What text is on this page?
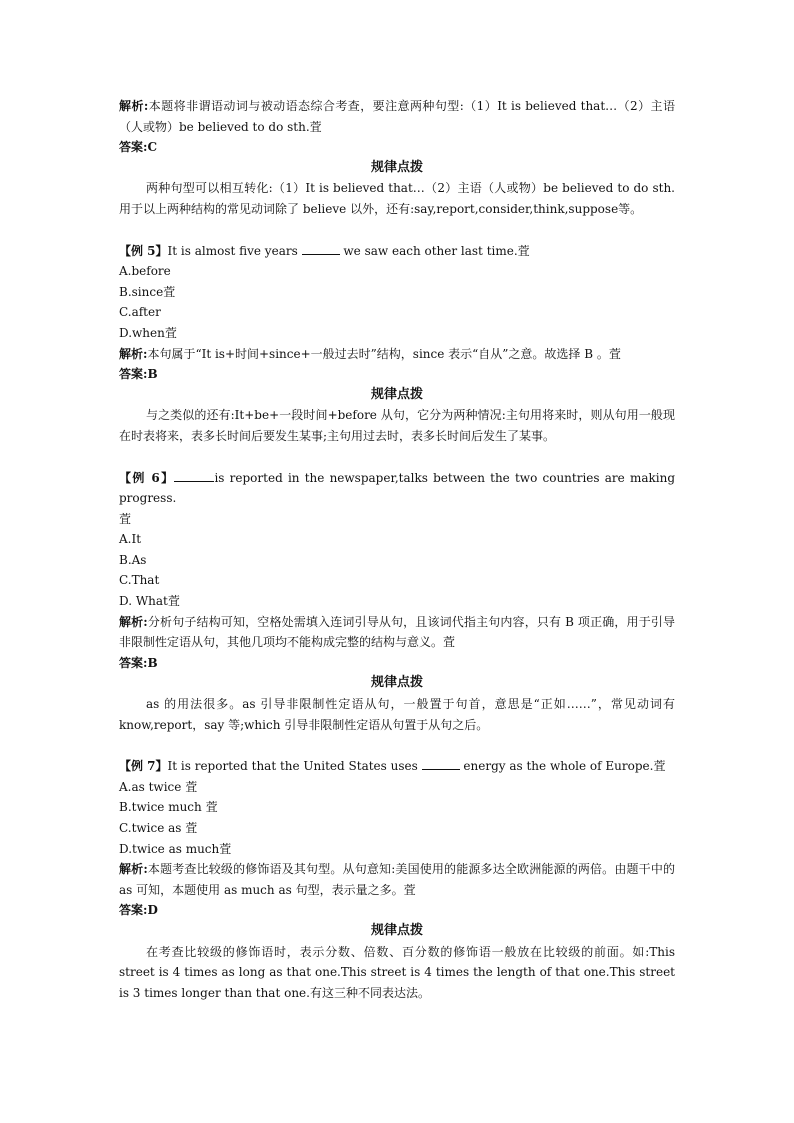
解析:本题将非谓语动词与被动语态综合考查，要注意两种句型:（1）It is believed that…（2）主语（人或物）be believed to do sth.萓

答案:C

规律点拨

两种句型可以相互转化:（1）It is believed that…（2）主语（人或物）be believed to do sth.用于以上两种结构的常见动词除了 believe 以外，还有:say,report,consider,think,suppose等。

【例 5】It is almost five years	we saw each other last time.萓

A.before

B.since萓

C.after

D.when萓

解析:本句属于“It is+时间+since+一般过去时”结构，since 表示“自从”之意。故选择 B 。萓

答案:B

规律点拨

与之类似的还有:It+be+一段时间+before 从句，它分为两种情况:主句用将来时，则从句用一般现在时表将来，表多长时间后要发生某事;主句用过去时，表多长时间后发生了某事。

【例 6】	is reported in the newspaper,talks between the two countries are making progress.

萓

A.It

B.As

C.That

D. What萓

解析:分析句子结构可知，空格处需填入连词引导从句，且该词代指主句内容，只有 B 项正确，用于引导非限制性定语从句，其他几项均不能构成完整的结构与意义。萓

答案:B

规律点拨

as 的用法很多。as 引导非限制性定语从句，一般置于句首，意思是“正如……”，常见动词有 know,report，say 等;which 引导非限制性定语从句置于从句之后。

【例 7】It is reported that the United States uses	energy as the whole of Europe.萓

A.as twice 萓

B.twice much 萓

C.twice as 萓

D.twice as much萓

解析:本题考查比较级的修饰语及其句型。从句意知:美国使用的能源多达全欧洲能源的两倍。由题干中的 as 可知，本题使用 as much as 句型，表示量之多。萓

答案:D

规律点拨

在考查比较级的修饰语时，表示分数、倍数、百分数的修饰语一般放在比较级的前面。如:This street is 4 times as long as that one.This street is 4 times the length of that one.This street is 3 times longer than that one.有这三种不同表达法。
